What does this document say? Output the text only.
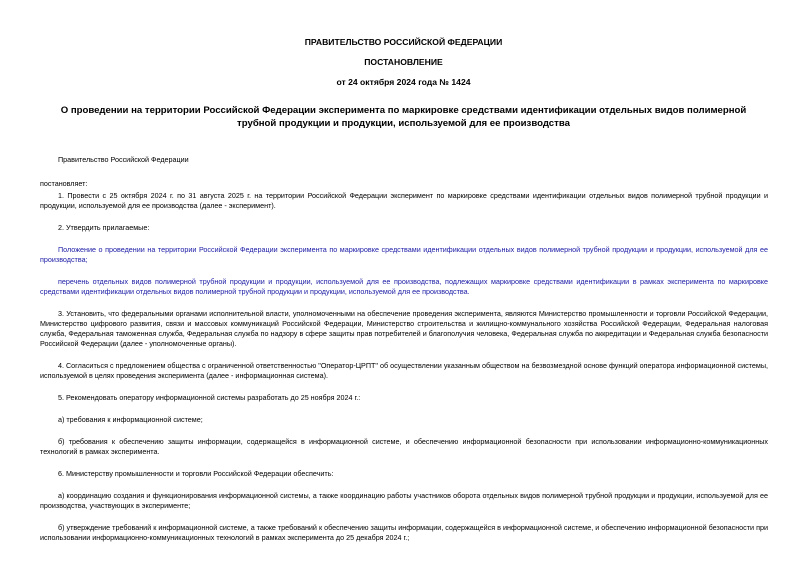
ПРАВИТЕЛЬСТВО РОССИЙСКОЙ ФЕДЕРАЦИИ
ПОСТАНОВЛЕНИЕ
от 24 октября 2024 года № 1424
О проведении на территории Российской Федерации эксперимента по маркировке средствами идентификации отдельных видов полимерной трубной продукции и продукции, используемой для ее производства

Правительство Российской Федерации

постановляет:

1. Провести с 25 октября 2024 г. по 31 августа 2025 г. на территории Российской Федерации эксперимент по маркировке средствами идентификации отдельных видов полимерной трубной продукции и продукции, используемой для ее производства (далее - эксперимент).

2. Утвердить прилагаемые:

Положение о проведении на территории Российской Федерации эксперимента по маркировке средствами идентификации отдельных видов полимерной трубной продукции и продукции, используемой для ее производства;

перечень отдельных видов полимерной трубной продукции и продукции, используемой для ее производства, подлежащих маркировке средствами идентификации в рамках эксперимента по маркировке средствами идентификации отдельных видов полимерной трубной продукции и продукции, используемой для ее производства.

3. Установить, что федеральными органами исполнительной власти, уполномоченными на обеспечение проведения эксперимента, являются Министерство промышленности и торговли Российской Федерации, Министерство цифрового развития, связи и массовых коммуникаций Российской Федерации, Министерство строительства и жилищно-коммунального хозяйства Российской Федерации, Федеральная налоговая служба, Федеральная таможенная служба, Федеральная служба по надзору в сфере защиты прав потребителей и благополучия человека, Федеральная служба по аккредитации и Федеральная служба безопасности Российской Федерации (далее - уполномоченные органы).

4. Согласиться с предложением общества с ограниченной ответственностью "Оператор-ЦРПТ" об осуществлении указанным обществом на безвозмездной основе функций оператора информационной системы, используемой в целях проведения эксперимента (далее - информационная система).

5. Рекомендовать оператору информационной системы разработать до 25 ноября 2024 г.:

а) требования к информационной системе;

б) требования к обеспечению защиты информации, содержащейся в информационной системе, и обеспечению информационной безопасности при использовании информационно-коммуникационных технологий в рамках эксперимента.

6. Министерству промышленности и торговли Российской Федерации обеспечить:

а) координацию создания и функционирования информационной системы, а также координацию работы участников оборота отдельных видов полимерной трубной продукции и продукции, используемой для ее производства, участвующих в эксперименте;

б) утверждение требований к информационной системе, а также требований к обеспечению защиты информации, содержащейся в информационной системе, и обеспечению информационной безопасности при использовании информационно-коммуникационных технологий в рамках эксперимента до 25 декабря 2024 г.;
